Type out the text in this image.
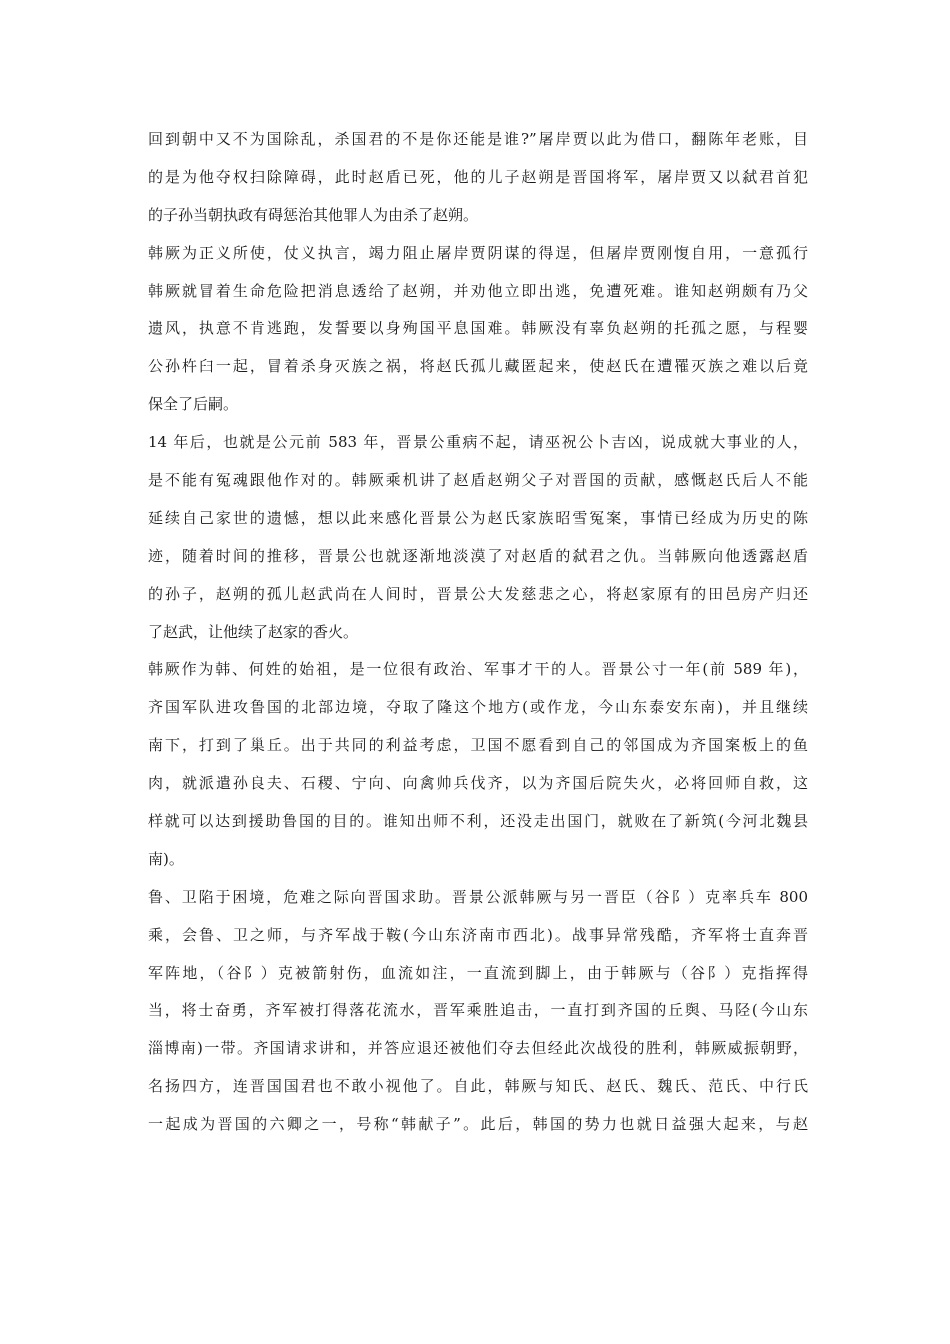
回到朝中又不为国除乱，杀国君的不是你还能是谁?”屠岸贾以此为借口，翻陈年老账，目
的是为他夺权扫除障碍，此时赵盾已死，他的儿子赵朔是晋国将军，屠岸贾又以弑君首犯
的子孙当朝执政有碍惩治其他罪人为由杀了赵朔。
韩厥为正义所使，仗义执言，竭力阻止屠岸贾阴谋的得逞，但屠岸贾刚愎自用，一意孤行
韩厥就冒着生命危险把消息透给了赵朔，并劝他立即出逃，免遭死难。谁知赵朔颇有乃父
遗风，执意不肯逃跑，发誓要以身殉国平息国难。韩厥没有辜负赵朔的托孤之愿，与程婴
公孙杵臼一起，冒着杀身灭族之祸，将赵氏孤儿藏匿起来，使赵氏在遭罹灭族之难以后竟
保全了后嗣。
14 年后，也就是公元前 583 年，晋景公重病不起，请巫祝公卜吉凶，说成就大事业的人，
是不能有冤魂跟他作对的。韩厥乘机讲了赵盾赵朔父子对晋国的贡献，感慨赵氏后人不能
延续自己家世的遗憾，想以此来感化晋景公为赵氏家族昭雪冤案，事情已经成为历史的陈
迹，随着时间的推移，晋景公也就逐渐地淡漠了对赵盾的弑君之仇。当韩厥向他透露赵盾
的孙子，赵朔的孤儿赵武尚在人间时，晋景公大发慈悲之心，将赵家原有的田邑房产归还
了赵武，让他续了赵家的香火。
韩厥作为韩、何姓的始祖，是一位很有政治、军事才干的人。晋景公寸一年(前 589 年)，
齐国军队进攻鲁国的北部边境，夺取了隆这个地方(或作龙，今山东泰安东南)，并且继续
南下，打到了巢丘。出于共同的利益考虑，卫国不愿看到自己的邻国成为齐国案板上的鱼
肉，就派遣孙良夫、石稷、宁向、向禽帅兵伐齐，以为齐国后院失火，必将回师自救，这
样就可以达到援助鲁国的目的。谁知出师不利，还没走出国门，就败在了新筑(今河北魏县
南)。
鲁、卫陷于困境，危难之际向晋国求助。晋景公派韩厥与另一晋臣（谷阝）克率兵车 800
乘，会鲁、卫之师，与齐军战于鞍(今山东济南市西北)。战事异常残酷，齐军将士直奔晋
军阵地，（谷阝）克被箭射伤，血流如注，一直流到脚上，由于韩厥与（谷阝）克指挥得
当，将士奋勇，齐军被打得落花流水，晋军乘胜追击，一直打到齐国的丘舆、马陉(今山东
淄博南)一带。齐国请求讲和，并答应退还被他们夺去但经此次战役的胜利，韩厥威振朝野，
名扬四方，连晋国国君也不敢小视他了。自此，韩厥与知氏、赵氏、魏氏、范氏、中行氏
一起成为晋国的六卿之一，号称“韩献子”。此后，韩国的势力也就日益强大起来，与赵
